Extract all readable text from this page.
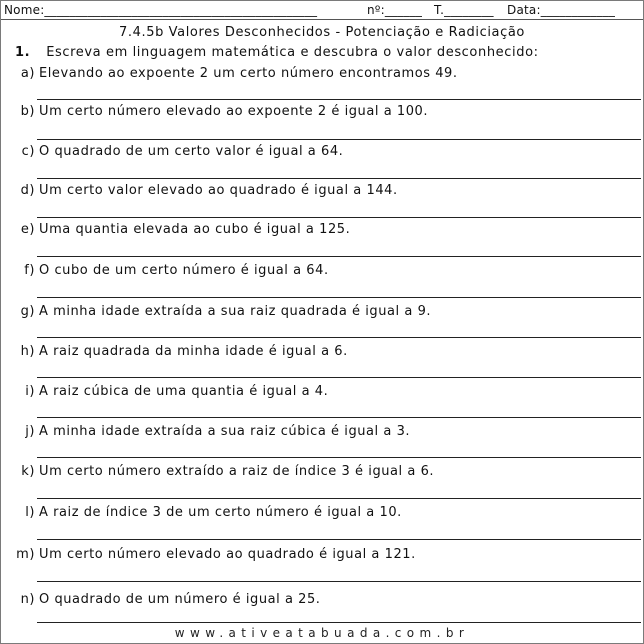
Nome:____________________________________________	nº:______ T.________ Data:____________
7.4.5b Valores Desconhecidos - Potenciação e Radiciação
1. Escreva em linguagem matemática e descubra o valor desconhecido:
a) Elevando ao expoente 2 um certo número encontramos 49.
b) Um certo número elevado ao expoente 2 é igual a 100.
c) O quadrado de um certo valor é igual a 64.
d) Um certo valor elevado ao quadrado é igual a 144.
e) Uma quantia elevada ao cubo é igual a 125.
f) O cubo de um certo número é igual a 64.
g) A minha idade extraída a sua raiz quadrada é igual a 9.
h) A raiz quadrada da minha idade é igual a 6.
i) A raiz cúbica de uma quantia é igual a 4.
j) A minha idade extraída a sua raiz cúbica é igual a 3.
k) Um certo número extraído a raiz de índice 3 é igual a 6.
l) A raiz de índice 3 de um certo número é igual a 10.
m) Um certo número elevado ao quadrado é igual a 121.
n) O quadrado de um número é igual a 25.
www.ativeatabuada.com.br
